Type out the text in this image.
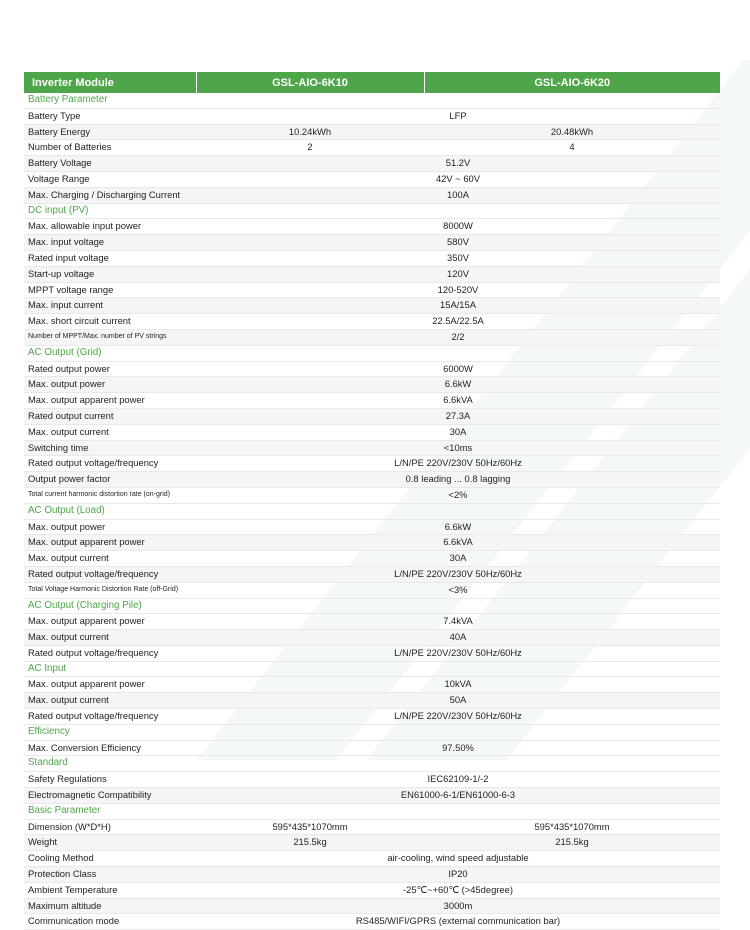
Inverter Module	GSL-AIO-6K10	GSL-AIO-6K20
Battery Parameter		
Battery Type	LFP	
Battery Energy	10.24kWh	20.48kWh
Number of Batteries	2	4
Battery Voltage	51.2V	
Voltage Range	42V ~ 60V	
Max. Charging / Discharging Current	100A	
DC input (PV)		
Max. allowable input power	8000W	
Max. input voltage	580V	
Rated input voltage	350V	
Start-up voltage	120V	
MPPT voltage range	120-520V	
Max. input current	15A/15A	
Max. short circuit current	22.5A/22.5A	
Number of MPPT/Max. number of PV strings	2/2	
AC Output (Grid)		
Rated output power	6000W	
Max. output power	6.6kW	
Max. output apparent power	6.6kVA	
Rated output current	27.3A	
Max. output current	30A	
Switching time	<10ms	
Rated output voltage/frequency	L/N/PE 220V/230V 50Hz/60Hz	
Output power factor	0.8 leading ... 0.8 lagging	
Total current harmonic distortion rate (on-grid)	<2%	
AC Output (Load)		
Max. output power	6.6kW	
Max. output apparent power	6.6kVA	
Max. output current	30A	
Rated output voltage/frequency	L/N/PE 220V/230V 50Hz/60Hz	
Total Voltage Harmonic Distortion Rate (off-Grid)	<3%	
AC Output (Charging Pile)		
Max. output apparent power	7.4kVA	
Max. output current	40A	
Rated output voltage/frequency	L/N/PE 220V/230V 50Hz/60Hz	
AC Input		
Max. output apparent power	10kVA	
Max. output current	50A	
Rated output voltage/frequency	L/N/PE 220V/230V 50Hz/60Hz	
Efficiency		
Max. Conversion Efficiency	97.50%	
Standard		
Safety Regulations	IEC62109-1/-2	
Electromagnetic Compatibility	EN61000-6-1/EN61000-6-3	
Basic Parameter		
Dimension (W*D*H)	595*435*1070mm	595*435*1070mm
Weight	215.5kg	215.5kg
Cooling Method	air-cooling, wind speed adjustable	
Protection Class	IP20	
Ambient Temperature	-25℃~+60℃ (>45degree)	
Maximum altitude	3000m	
Communication mode	RS485/WIFI/GPRS (external communication bar)	
